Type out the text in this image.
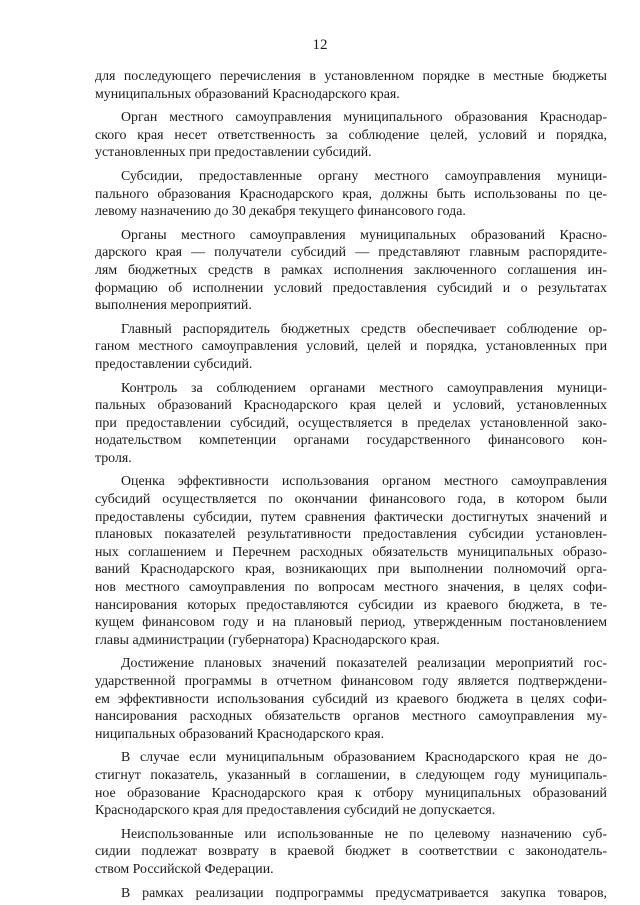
12
для последующего перечисления в установленном порядке в местные бюджеты
муниципальных образований Краснодарского края.
Орган местного самоуправления муниципального образования Краснодар-
ского края несет ответственность за соблюдение целей, условий и порядка,
установленных при предоставлении субсидий.
Субсидии, предоставленные органу местного самоуправления муници-
пального образования Краснодарского края, должны быть использованы по це-
левому назначению до 30 декабря текущего финансового года.
Органы местного самоуправления муниципальных образований Красно-
дарского края — получатели субсидий — представляют главным распорядите-
лям бюджетных средств в рамках исполнения заключенного соглашения ин-
формацию об исполнении условий предоставления субсидий и о результатах
выполнения мероприятий.
Главный распорядитель бюджетных средств обеспечивает соблюдение ор-
ганом местного самоуправления условий, целей и порядка, установленных при
предоставлении субсидий.
Контроль за соблюдением органами местного самоуправления муници-
пальных образований Краснодарского края целей и условий, установленных
при предоставлении субсидий, осуществляется в пределах установленной зако-
нодательством компетенции органами государственного финансового кон-
троля.
Оценка эффективности использования органом местного самоуправления
субсидий осуществляется по окончании финансового года, в котором были
предоставлены субсидии, путем сравнения фактически достигнутых значений и
плановых показателей результативности предоставления субсидии установлен-
ных соглашением и Перечнем расходных обязательств муниципальных образо-
ваний Краснодарского края, возникающих при выполнении полномочий орга-
нов местного самоуправления по вопросам местного значения, в целях софи-
нансирования которых предоставляются субсидии из краевого бюджета, в те-
кущем финансовом году и на плановый период, утвержденным постановлением
главы администрации (губернатора) Краснодарского края.
Достижение плановых значений показателей реализации мероприятий гос-
ударственной программы в отчетном финансовом году является подтверждени-
ем эффективности использования субсидий из краевого бюджета в целях софи-
нансирования расходных обязательств органов местного самоуправления му-
ниципальных образований Краснодарского края.
В случае если муниципальным образованием Краснодарского края не до-
стигнут показатель, указанный в соглашении, в следующем году муниципаль-
ное образование Краснодарского края к отбору муниципальных образований
Краснодарского края для предоставления субсидий не допускается.
Неиспользованные или использованные не по целевому назначению суб-
сидии подлежат возврату в краевой бюджет в соответствии с законодатель-
ством Российской Федерации.
В рамках реализации подпрограммы предусматривается закупка товаров,
